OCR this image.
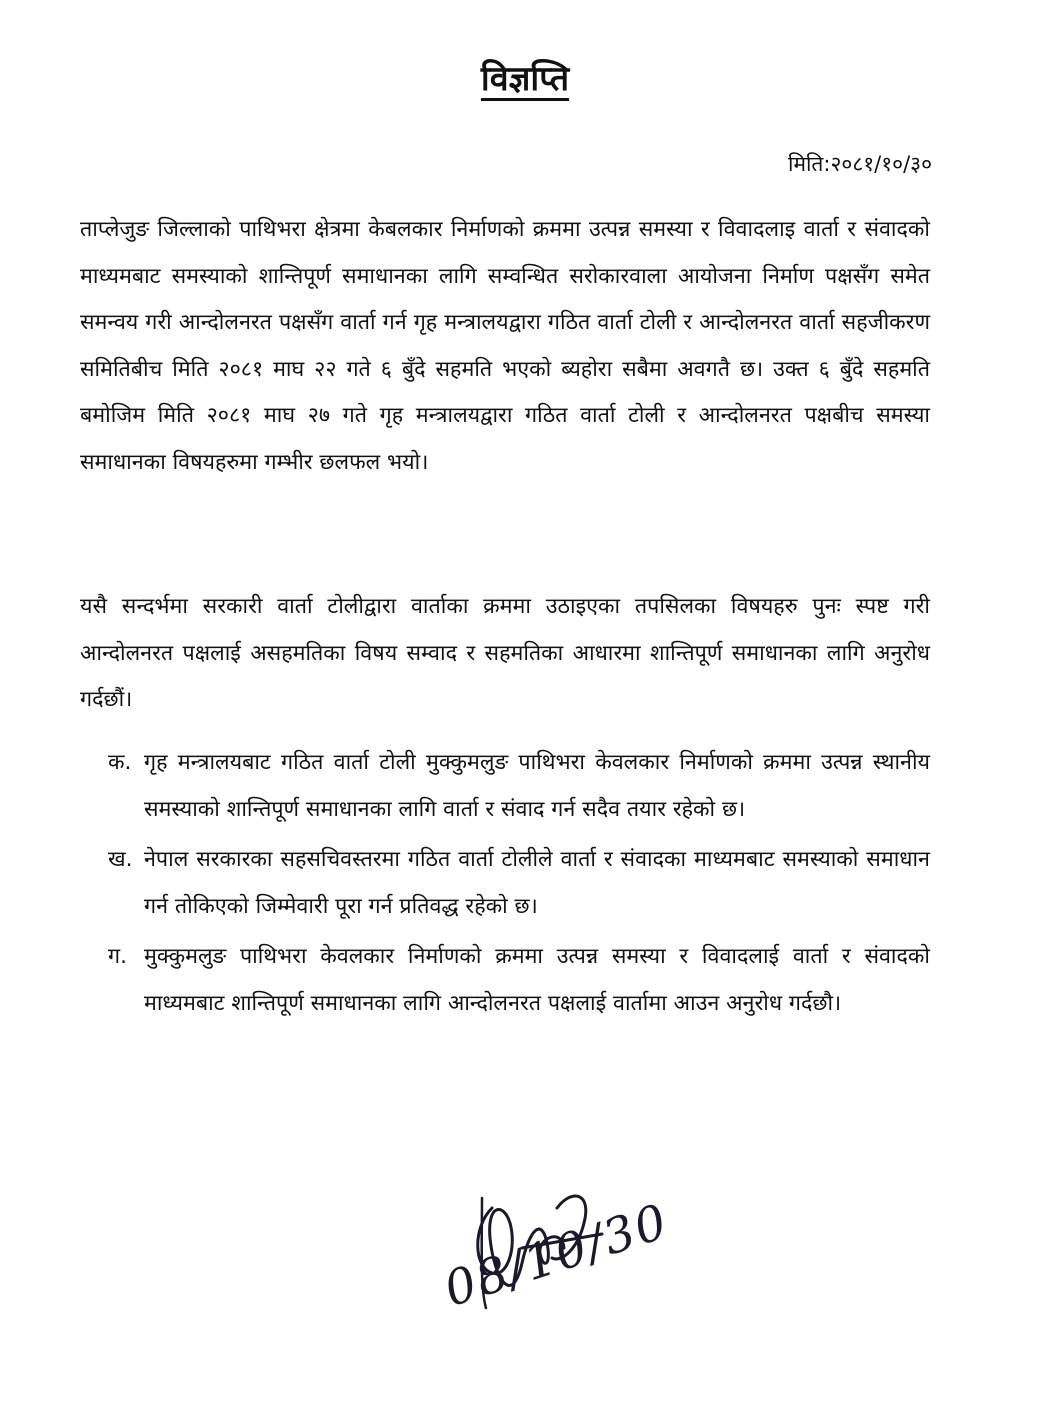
विज्ञप्ति
मिति:२०८१/१०/३०

ताप्लेजुङ जिल्लाको पाथिभरा क्षेत्रमा केबलकार निर्माणको क्रममा उत्पन्न समस्या र विवादलाइ वार्ता र संवादको माध्यमबाट समस्याको शान्तिपूर्ण समाधानका लागि सम्वन्धित सरोकारवाला आयोजना निर्माण पक्षसँग समेत समन्वय गरी आन्दोलनरत पक्षसँग वार्ता गर्न गृह मन्त्रालयद्वारा गठित वार्ता टोली र आन्दोलनरत वार्ता सहजीकरण समितिबीच मिति २०८१ माघ २२ गते ६ बुँदे सहमति भएको ब्यहोरा सबैमा अवगतै छ। उक्त ६ बुँदे सहमति बमोजिम मिति २०८१ माघ २७ गते गृह मन्त्रालयद्वारा गठित वार्ता टोली र आन्दोलनरत पक्षबीच समस्या समाधानका विषयहरुमा गम्भीर छलफल भयो।

यसै सन्दर्भमा सरकारी वार्ता टोलीद्वारा वार्ताका क्रममा उठाइएका तपसिलका विषयहरु पुनः स्पष्ट गरी आन्दोलनरत पक्षलाई असहमतिका विषय सम्वाद र सहमतिका आधारमा शान्तिपूर्ण समाधानका लागि अनुरोध गर्दछौं।

क. गृह मन्त्रालयबाट गठित वार्ता टोली मुक्कुमलुङ पाथिभरा केवलकार निर्माणको क्रममा उत्पन्न स्थानीय समस्याको शान्तिपूर्ण समाधानका लागि वार्ता र संवाद गर्न सदैव तयार रहेको छ।

ख. नेपाल सरकारका सहसचिवस्तरमा गठित वार्ता टोलीले वार्ता र संवादका माध्यमबाट समस्याको समाधान गर्न तोकिएको जिम्मेवारी पूरा गर्न प्रतिवद्ध रहेको छ।

ग. मुक्कुमलुङ पाथिभरा केवलकार निर्माणको क्रममा उत्पन्न समस्या र विवादलाई वार्ता र संवादको माध्यमबाट शान्तिपूर्ण समाधानका लागि आन्दोलनरत पक्षलाई वार्तामा आउन अनुरोध गर्दछौ।

08/10/30
